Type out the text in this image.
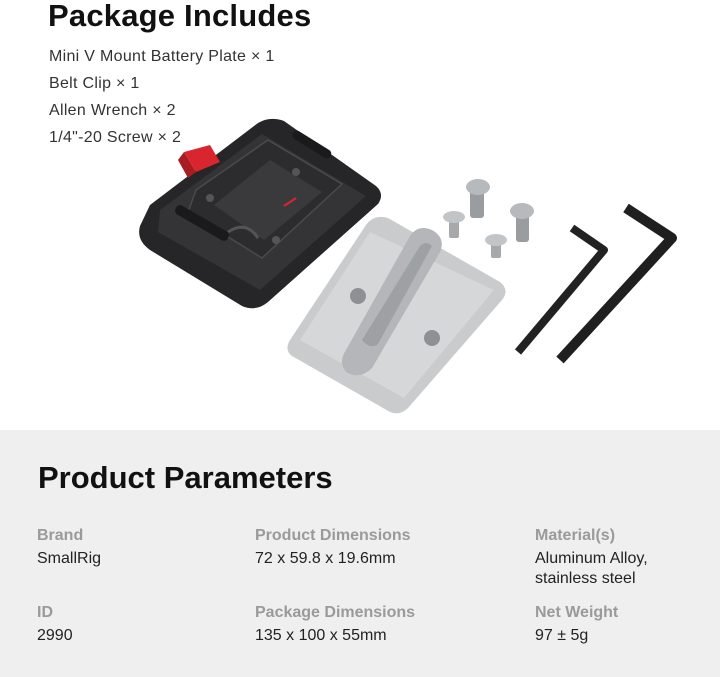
Package Includes
Mini V Mount Battery Plate × 1
Belt Clip × 1
Allen Wrench × 2
1/4"-20 Screw × 2
Product Parameters
Brand
SmallRig
Product Dimensions
72 x 59.8 x 19.6mm
Material(s)
Aluminum Alloy,
stainless steel
ID
2990
Package Dimensions
135 x 100 x 55mm
Net Weight
97 ± 5g
